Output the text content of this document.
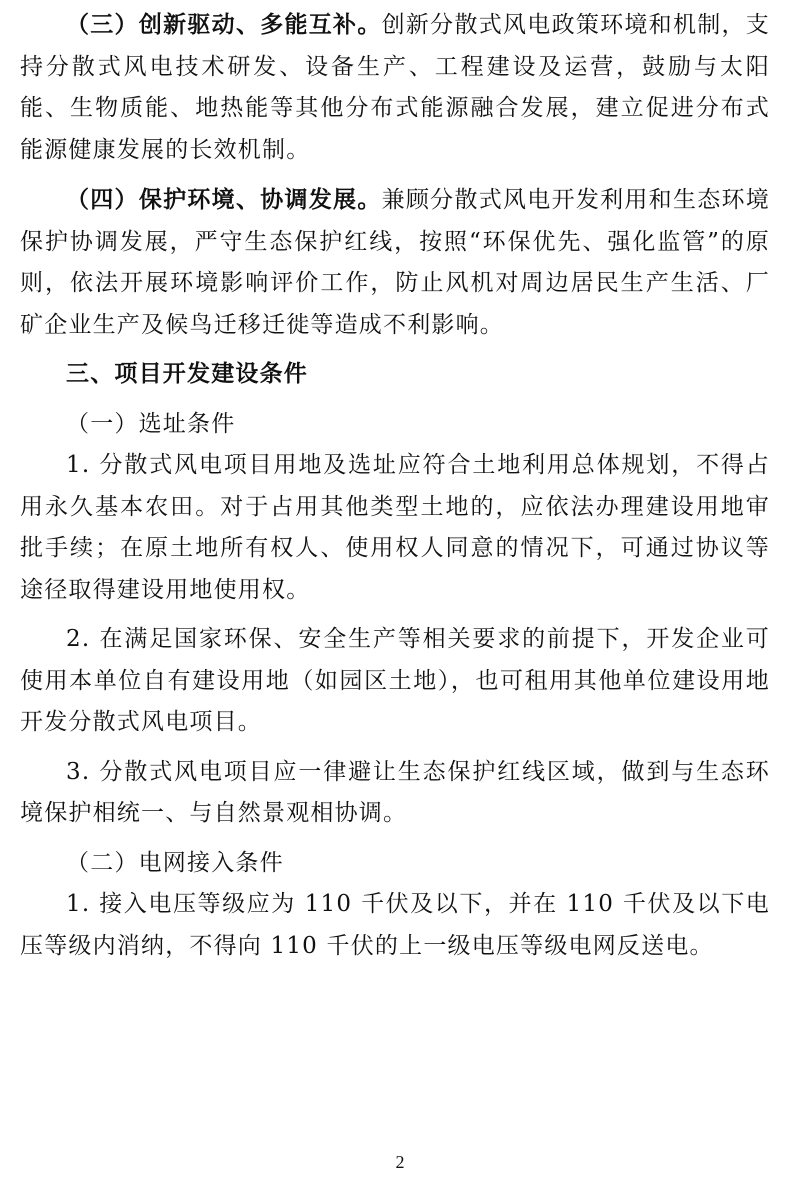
（三）创新驱动、多能互补。创新分散式风电政策环境和机制，支持分散式风电技术研发、设备生产、工程建设及运营，鼓励与太阳能、生物质能、地热能等其他分布式能源融合发展，建立促进分布式能源健康发展的长效机制。

（四）保护环境、协调发展。兼顾分散式风电开发利用和生态环境保护协调发展，严守生态保护红线，按照“环保优先、强化监管”的原则，依法开展环境影响评价工作，防止风机对周边居民生产生活、厂矿企业生产及候鸟迁移迁徙等造成不利影响。

三、项目开发建设条件

（一）选址条件

1. 分散式风电项目用地及选址应符合土地利用总体规划，不得占用永久基本农田。对于占用其他类型土地的，应依法办理建设用地审批手续；在原土地所有权人、使用权人同意的情况下，可通过协议等途径取得建设用地使用权。

2. 在满足国家环保、安全生产等相关要求的前提下，开发企业可使用本单位自有建设用地（如园区土地），也可租用其他单位建设用地开发分散式风电项目。

3. 分散式风电项目应一律避让生态保护红线区域，做到与生态环境保护相统一、与自然景观相协调。

（二）电网接入条件

1. 接入电压等级应为 110 千伏及以下，并在 110 千伏及以下电压等级内消纳，不得向 110 千伏的上一级电压等级电网反送电。

2
